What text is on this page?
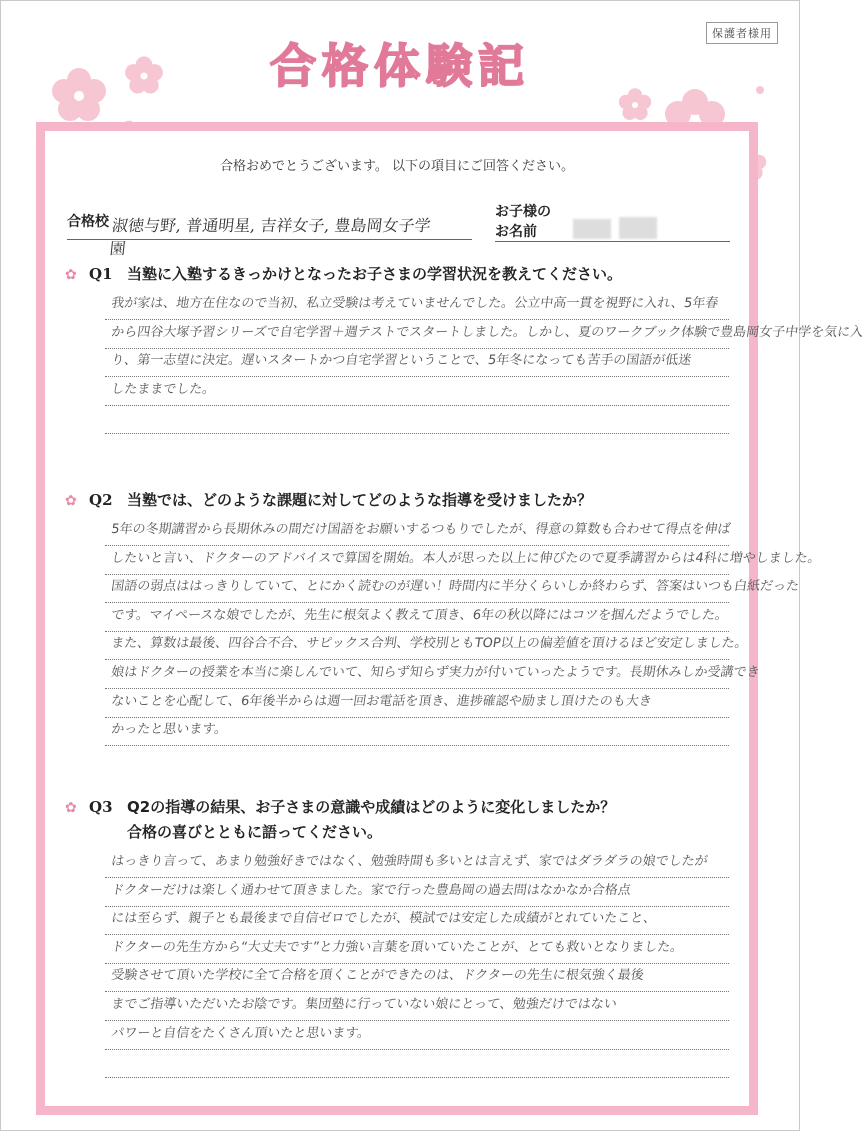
保護者様用
合格体験記
合格おめでとうございます。 以下の項目にご回答ください。
合格校 淑徳与野, 普通明星, 吉祥女子, 豊島岡女子学園
お子様の
お名前
✿ Q1 当塾に入塾するきっかけとなったお子さまの学習状況を教えてください。
我が家は、地方在住なので当初、私立受験は考えていませんでした。公立中高一貫を視野に入れ、5年春
から四谷大塚予習シリーズで自宅学習＋週テストでスタートしました。しかし、夏のワークブック体験で豊島岡女子中学を気に入
り、第一志望に決定。遅いスタートかつ自宅学習ということで、5年冬になっても苦手の国語が低迷
したままでした。
✿ Q2 当塾では、どのような課題に対してどのような指導を受けましたか？
5年の冬期講習から長期休みの間だけ国語をお願いするつもりでしたが、得意の算数も合わせて得点を伸ば
したいと言い、ドクターのアドバイスで算国を開始。本人が思った以上に伸びたので夏季講習からは4科に増やしました。
国語の弱点ははっきりしていて、とにかく読むのが遅い！時間内に半分くらいしか終わらず、答案はいつも白紙だった
です。マイペースな娘でしたが、先生に根気よく教えて頂き、6年の秋以降にはコツを掴んだようでした。
また、算数は最後、四谷合不合、サピックス合判、学校別ともTOP以上の偏差値を頂けるほど安定しました。
娘はドクターの授業を本当に楽しんでいて、知らず知らず実力が付いていったようです。長期休みしか受講でき
ないことを心配して、6年後半からは週一回お電話を頂き、進捗確認や励まし頂けたのも大き
かったと思います。
✿ Q3 Q2の指導の結果、お子さまの意識や成績はどのように変化しましたか？
合格の喜びとともに語ってください。
はっきり言って、あまり勉強好きではなく、勉強時間も多いとは言えず、家ではダラダラの娘でしたが
ドクターだけは楽しく通わせて頂きました。家で行った豊島岡の過去問はなかなか合格点
には至らず、親子とも最後まで自信ゼロでしたが、模試では安定した成績がとれていたこと、
ドクターの先生方から“大丈夫です”と力強い言葉を頂いていたことが、とても救いとなりました。
受験させて頂いた学校に全て合格を頂くことができたのは、ドクターの先生に根気強く最後
までご指導いただいたお陰です。集団塾に行っていない娘にとって、勉強だけではない
パワーと自信をたくさん頂いたと思います。
